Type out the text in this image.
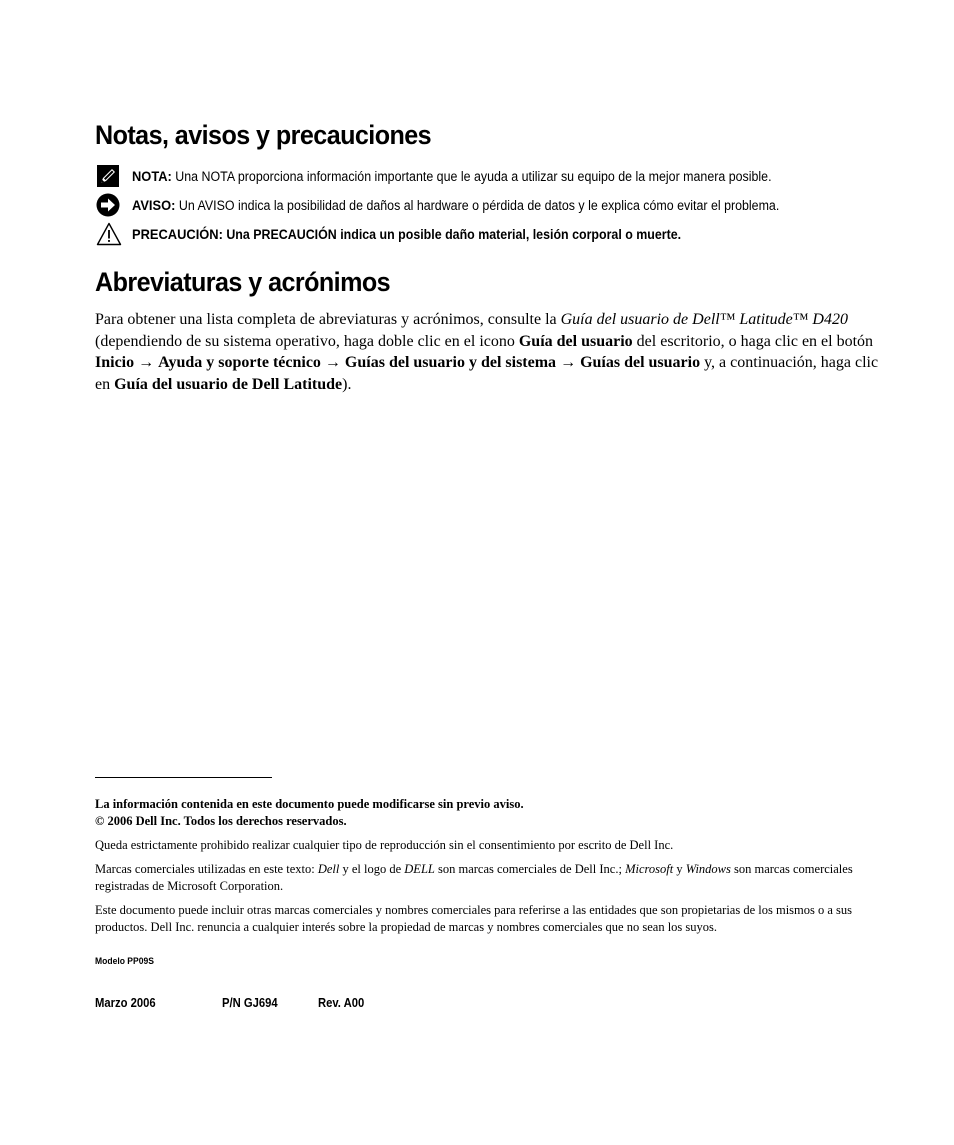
Notas, avisos y precauciones
NOTA: Una NOTA proporciona información importante que le ayuda a utilizar su equipo de la mejor manera posible.
AVISO: Un AVISO indica la posibilidad de daños al hardware o pérdida de datos y le explica cómo evitar el problema.
PRECAUCIÓN: Una PRECAUCIÓN indica un posible daño material, lesión corporal o muerte.
Abreviaturas y acrónimos

Para obtener una lista completa de abreviaturas y acrónimos, consulte la Guía del usuario de Dell™ Latitude™ D420 (dependiendo de su sistema operativo, haga doble clic en el icono Guía del usuario del escritorio, o haga clic en el botón Inicio → Ayuda y soporte técnico → Guías del usuario y del sistema → Guías del usuario y, a continuación, haga clic en Guía del usuario de Dell Latitude).

La información contenida en este documento puede modificarse sin previo aviso.
© 2006 Dell Inc. Todos los derechos reservados.

Queda estrictamente prohibido realizar cualquier tipo de reproducción sin el consentimiento por escrito de Dell Inc.

Marcas comerciales utilizadas en este texto: Dell y el logo de DELL son marcas comerciales de Dell Inc.; Microsoft y Windows son marcas comerciales registradas de Microsoft Corporation.

Este documento puede incluir otras marcas comerciales y nombres comerciales para referirse a las entidades que son propietarias de los mismos o a sus productos. Dell Inc. renuncia a cualquier interés sobre la propiedad de marcas y nombres comerciales que no sean los suyos.

Modelo PP09S
Marzo 2006	P/N GJ694	Rev. A00
